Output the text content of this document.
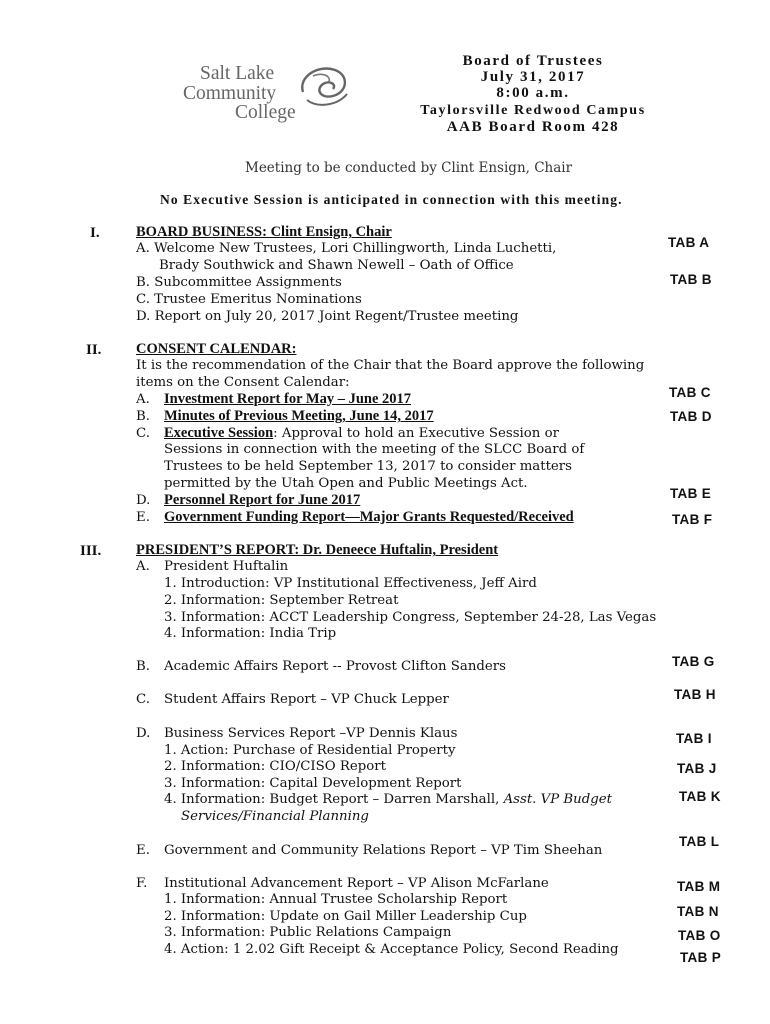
Salt Lake
Community
College
Board of Trustees
July 31, 2017
8:00 a.m.
Taylorsville Redwood Campus
AAB Board Room 428
Meeting to be conducted by Clint Ensign, Chair
No Executive Session is anticipated in connection with this meeting.
I.	BOARD BUSINESS: Clint Ensign, Chair
A. Welcome New Trustees, Lori Chillingworth, Linda Luchetti,
Brady Southwick and Shawn Newell – Oath of Office
B. Subcommittee Assignments
C. Trustee Emeritus Nominations
D. Report on July 20, 2017 Joint Regent/Trustee meeting
II. CONSENT CALENDAR:
It is the recommendation of the Chair that the Board approve the following
items on the Consent Calendar:
A. Investment Report for May – June 2017
B. Minutes of Previous Meeting, June 14, 2017
C. Executive Session: Approval to hold an Executive Session or
Sessions in connection with the meeting of the SLCC Board of
Trustees to be held September 13, 2017 to consider matters
permitted by the Utah Open and Public Meetings Act.
D. Personnel Report for June 2017
E. Government Funding Report—Major Grants Requested/Received
III. PRESIDENT’S REPORT: Dr. Deneece Huftalin, President
A. President Huftalin
1. Introduction: VP Institutional Effectiveness, Jeff Aird
2. Information: September Retreat
3. Information: ACCT Leadership Congress, September 24-28, Las Vegas
4. Information: India Trip
B. Academic Affairs Report -- Provost Clifton Sanders
C. Student Affairs Report – VP Chuck Lepper
D. Business Services Report –VP Dennis Klaus
1. Action: Purchase of Residential Property
2. Information: CIO/CISO Report
3. Information: Capital Development Report
4. Information: Budget Report – Darren Marshall, Asst. VP Budget
Services/Financial Planning
E. Government and Community Relations Report – VP Tim Sheehan
F. Institutional Advancement Report – VP Alison McFarlane
1. Information: Annual Trustee Scholarship Report
2. Information: Update on Gail Miller Leadership Cup
3. Information: Public Relations Campaign
4. Action: 1 2.02 Gift Receipt & Acceptance Policy, Second Reading
TAB A
TAB B
TAB C
TAB D
TAB E
TAB F
TAB G
TAB H
TAB I
TAB J
TAB K
TAB L
TAB M
TAB N
TAB O
TAB P
